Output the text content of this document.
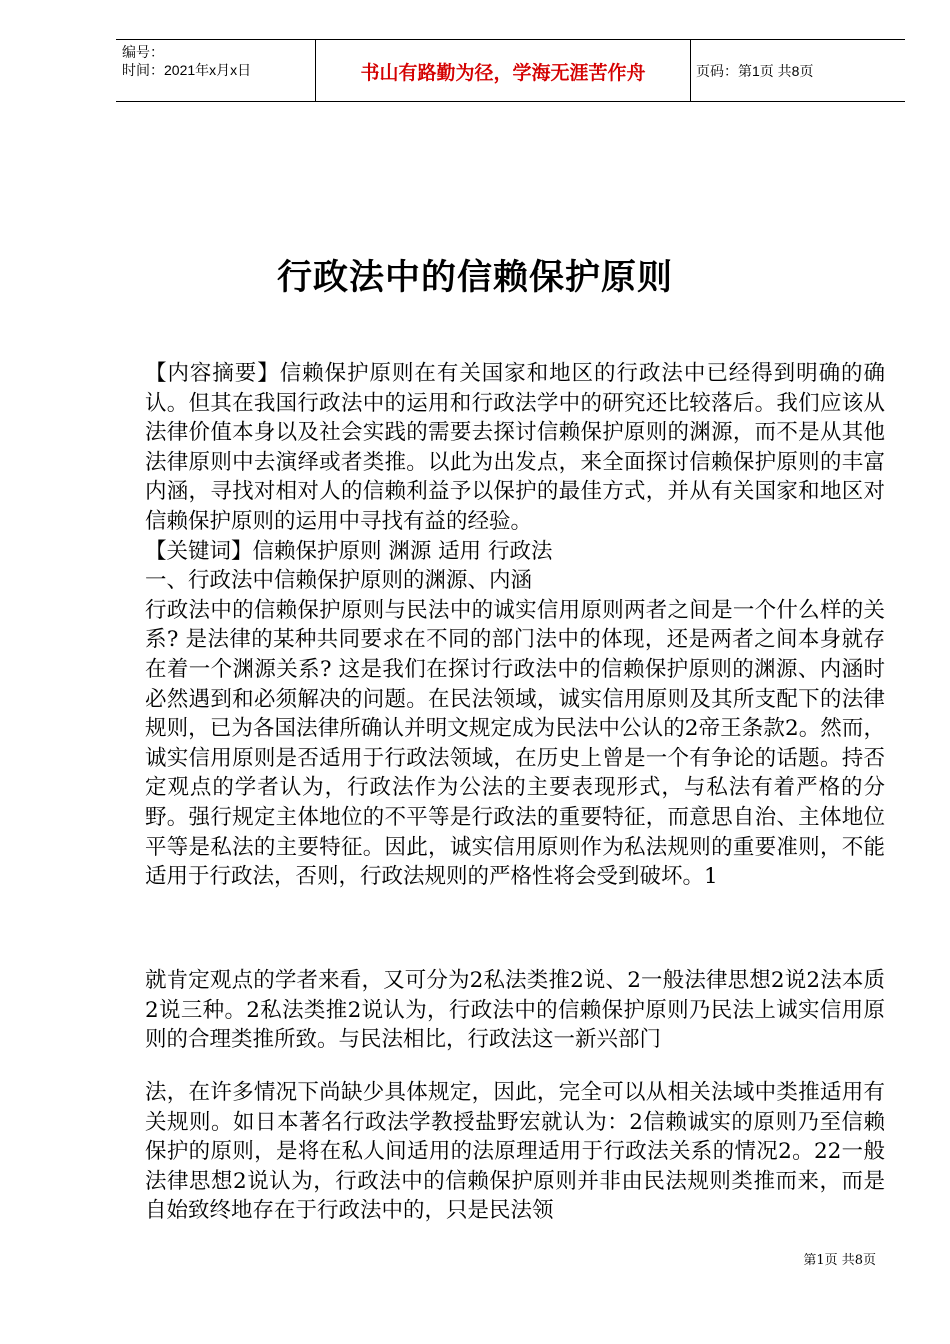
编号：
时间：2021年x月x日	书山有路勤为径，学海无涯苦作舟	页码：第1页 共8页
行政法中的信赖保护原则

【内容摘要】信赖保护原则在有关国家和地区的行政法中已经得到明确的确认。但其在我国行政法中的运用和行政法学中的研究还比较落后。我们应该从法律价值本身以及社会实践的需要去探讨信赖保护原则的渊源，而不是从其他法律原则中去演绎或者类推。以此为出发点，来全面探讨信赖保护原则的丰富内涵，寻找对相对人的信赖利益予以保护的最佳方式，并从有关国家和地区对信赖保护原则的运用中寻找有益的经验。

【关键词】信赖保护原则 渊源 适用 行政法

一、行政法中信赖保护原则的渊源、内涵

行政法中的信赖保护原则与民法中的诚实信用原则两者之间是一个什么样的关系? 是法律的某种共同要求在不同的部门法中的体现，还是两者之间本身就存在着一个渊源关系? 这是我们在探讨行政法中的信赖保护原则的渊源、内涵时必然遇到和必须解决的问题。在民法领域，诚实信用原则及其所支配下的法律规则，已为各国法律所确认并明文规定成为民法中公认的2帝王条款2。然而，诚实信用原则是否适用于行政法领域，在历史上曾是一个有争论的话题。持否定观点的学者认为，行政法作为公法的主要表现形式，与私法有着严格的分野。强行规定主体地位的不平等是行政法的重要特征，而意思自治、主体地位平等是私法的主要特征。因此，诚实信用原则作为私法规则的重要准则，不能适用于行政法，否则，行政法规则的严格性将会受到破坏。1

就肯定观点的学者来看，又可分为2私法类推2说、2一般法律思想2说2法本质2说三种。2私法类推2说认为，行政法中的信赖保护原则乃民法上诚实信用原则的合理类推所致。与民法相比，行政法这一新兴部门

法，在许多情况下尚缺少具体规定，因此，完全可以从相关法域中类推适用有关规则。如日本著名行政法学教授盐野宏就认为：2信赖诚实的原则乃至信赖保护的原则，是将在私人间适用的法原理适用于行政法关系的情况2。22一般法律思想2说认为，行政法中的信赖保护原则并非由民法规则类推而来，而是自始致终地存在于行政法中的，只是民法领

第1页 共8页
